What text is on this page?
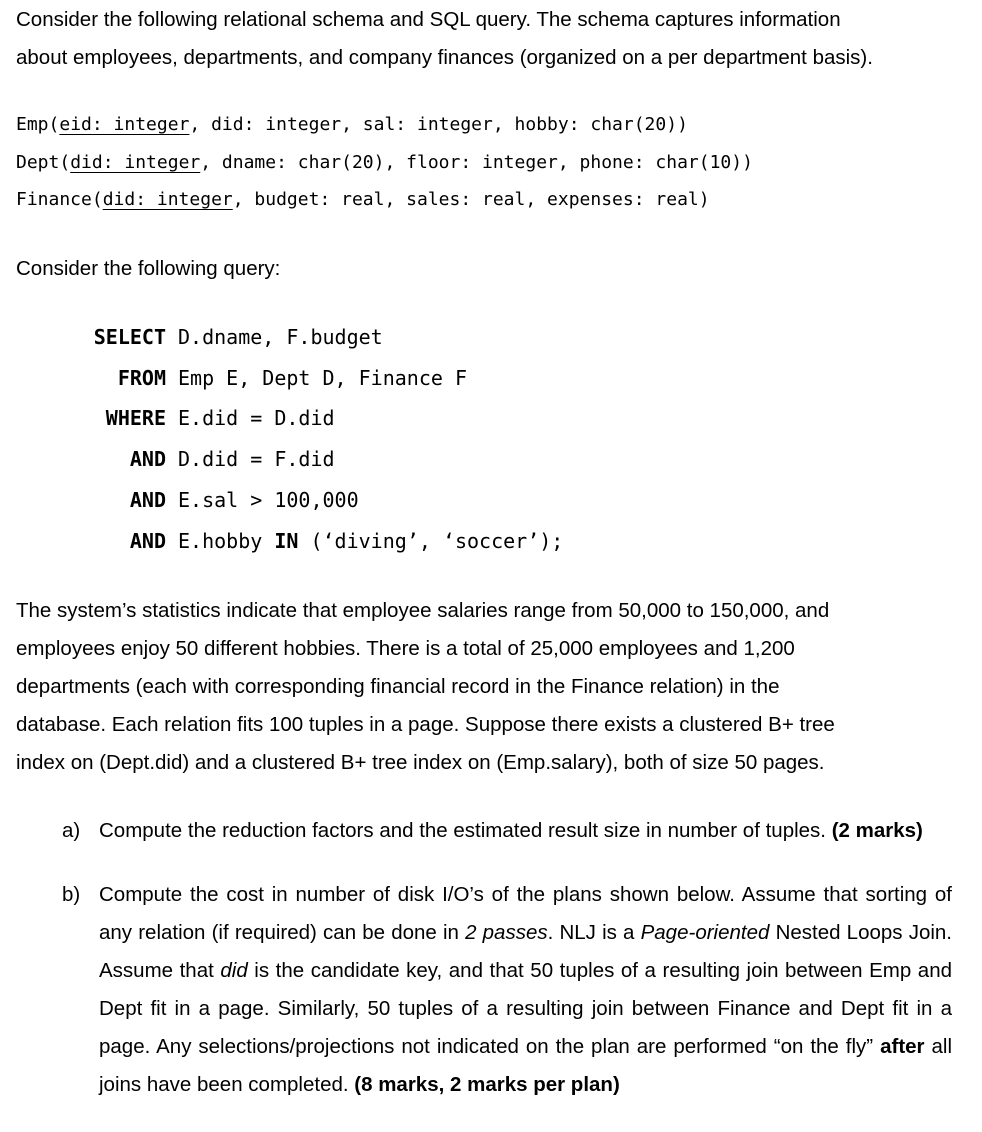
Consider the following relational schema and SQL query. The schema captures information
about employees, departments, and company finances (organized on a per department basis).
Emp(eid: integer, did: integer, sal: integer, hobby: char(20))
Dept(did: integer, dname: char(20), floor: integer, phone: char(10))
Finance(did: integer, budget: real, sales: real, expenses: real)
Consider the following query:
SELECT D.dname, F.budget
FROM Emp E, Dept D, Finance F
WHERE E.did = D.did
AND D.did = F.did
AND E.sal > 100,000
AND E.hobby IN (‘diving’, ‘soccer’);
The system’s statistics indicate that employee salaries range from 50,000 to 150,000, and
employees enjoy 50 different hobbies. There is a total of 25,000 employees and 1,200
departments (each with corresponding financial record in the Finance relation) in the
database. Each relation fits 100 tuples in a page. Suppose there exists a clustered B+ tree
index on (Dept.did) and a clustered B+ tree index on (Emp.salary), both of size 50 pages.
a) Compute the reduction factors and the estimated result size in number of tuples. (2 marks)
b) Compute the cost in number of disk I/O’s of the plans shown below. Assume that sorting of any relation (if required) can be done in 2 passes. NLJ is a Page-oriented Nested Loops Join. Assume that did is the candidate key, and that 50 tuples of a resulting join between Emp and Dept fit in a page. Similarly, 50 tuples of a resulting join between Finance and Dept fit in a page. Any selections/projections not indicated on the plan are performed “on the fly” after all joins have been completed. (8 marks, 2 marks per plan)
